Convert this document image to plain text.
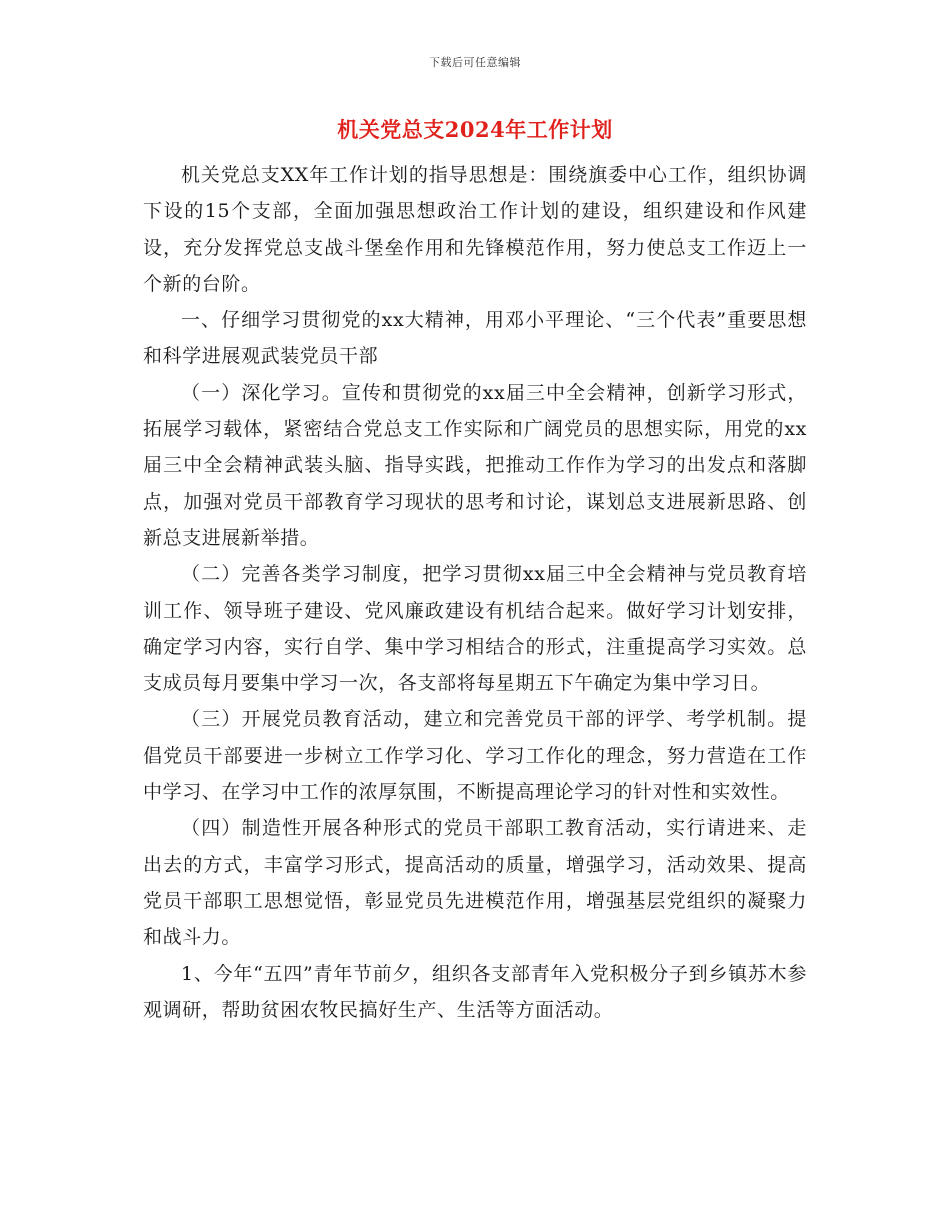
下载后可任意编辑
机关党总支2024年工作计划

机关党总支XX年工作计划的指导思想是：围绕旗委中心工作，组织协调下设的15个支部，全面加强思想政治工作计划的建设，组织建设和作风建设，充分发挥党总支战斗堡垒作用和先锋模范作用，努力使总支工作迈上一个新的台阶。

一、仔细学习贯彻党的xx大精神，用邓小平理论、“三个代表”重要思想和科学进展观武装党员干部

（一）深化学习。宣传和贯彻党的xx届三中全会精神，创新学习形式，拓展学习载体，紧密结合党总支工作实际和广阔党员的思想实际，用党的xx届三中全会精神武装头脑、指导实践，把推动工作作为学习的出发点和落脚点，加强对党员干部教育学习现状的思考和讨论，谋划总支进展新思路、创新总支进展新举措。

（二）完善各类学习制度，把学习贯彻xx届三中全会精神与党员教育培训工作、领导班子建设、党风廉政建设有机结合起来。做好学习计划安排，确定学习内容，实行自学、集中学习相结合的形式，注重提高学习实效。总支成员每月要集中学习一次，各支部将每星期五下午确定为集中学习日。

（三）开展党员教育活动，建立和完善党员干部的评学、考学机制。提倡党员干部要进一步树立工作学习化、学习工作化的理念，努力营造在工作中学习、在学习中工作的浓厚氛围，不断提高理论学习的针对性和实效性。

（四）制造性开展各种形式的党员干部职工教育活动，实行请进来、走出去的方式，丰富学习形式，提高活动的质量，增强学习，活动效果、提高党员干部职工思想觉悟，彰显党员先进模范作用，增强基层党组织的凝聚力和战斗力。

1、今年“五四”青年节前夕，组织各支部青年入党积极分子到乡镇苏木参观调研，帮助贫困农牧民搞好生产、生活等方面活动。
